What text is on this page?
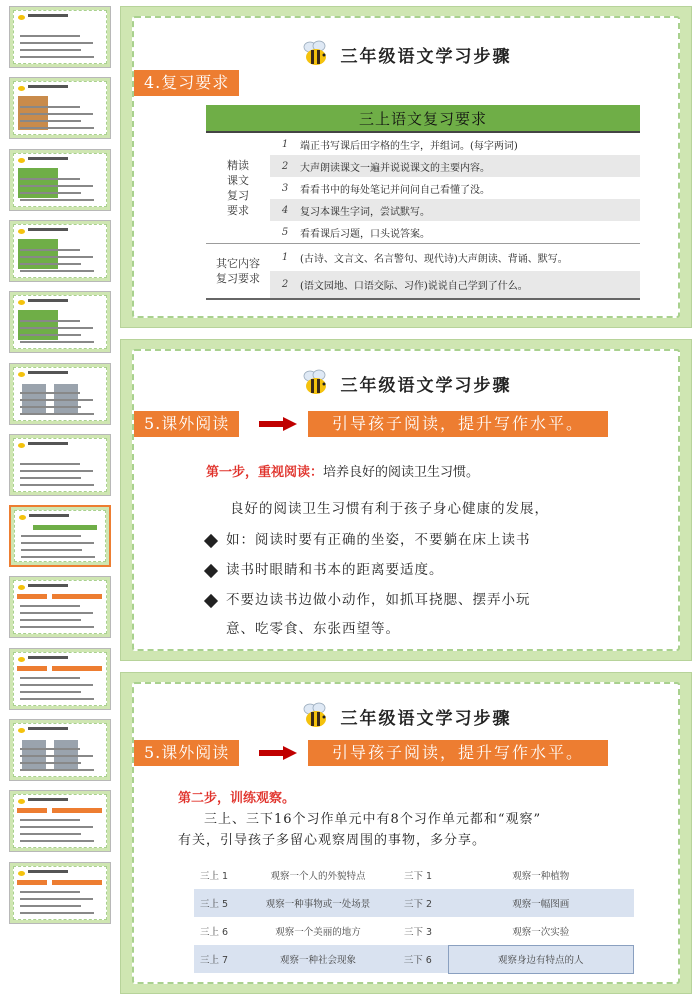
三年级语文学习步骤
4.复习要求
三上语文复习要求
精读
课文
复习
要求
1	端正书写课后田字格的生字，并组词。(每字两词)
2	大声朗读课文一遍并说说课文的主要内容。
3	看看书中的每处笔记并问问自己看懂了没。
4	复习本课生字词，尝试默写。
5	看看课后习题，口头说答案。
其它内容
复习要求
1	(古诗、文言文、名言警句、现代诗)大声朗读、背诵、默写。
2	(语文园地、口语交际、习作)说说自己学到了什么。
三年级语文学习步骤
5.课外阅读	引导孩子阅读，提升写作水平。
第一步，重视阅读：培养良好的阅读卫生习惯。
良好的阅读卫生习惯有利于孩子身心健康的发展，
如：阅读时要有正确的坐姿，不要躺在床上读书
读书时眼睛和书本的距离要适度。
不要边读书边做小动作，如抓耳挠腮、摆弄小玩
意、吃零食、东张西望等。
三年级语文学习步骤
5.课外阅读	引导孩子阅读，提升写作水平。
第二步，训练观察。
三上、三下16个习作单元中有8个习作单元都和“观察”
有关，引导孩子多留心观察周围的事物，多分享。
三上 1	观察一个人的外貌特点	三下 1	观察一种植物
三上 5	观察一种事物或一处场景	三下 2	观察一幅图画
三上 6	观察一个美丽的地方	三下 3	观察一次实验
三上 7	观察一种社会现象	三下 6	观察身边有特点的人
